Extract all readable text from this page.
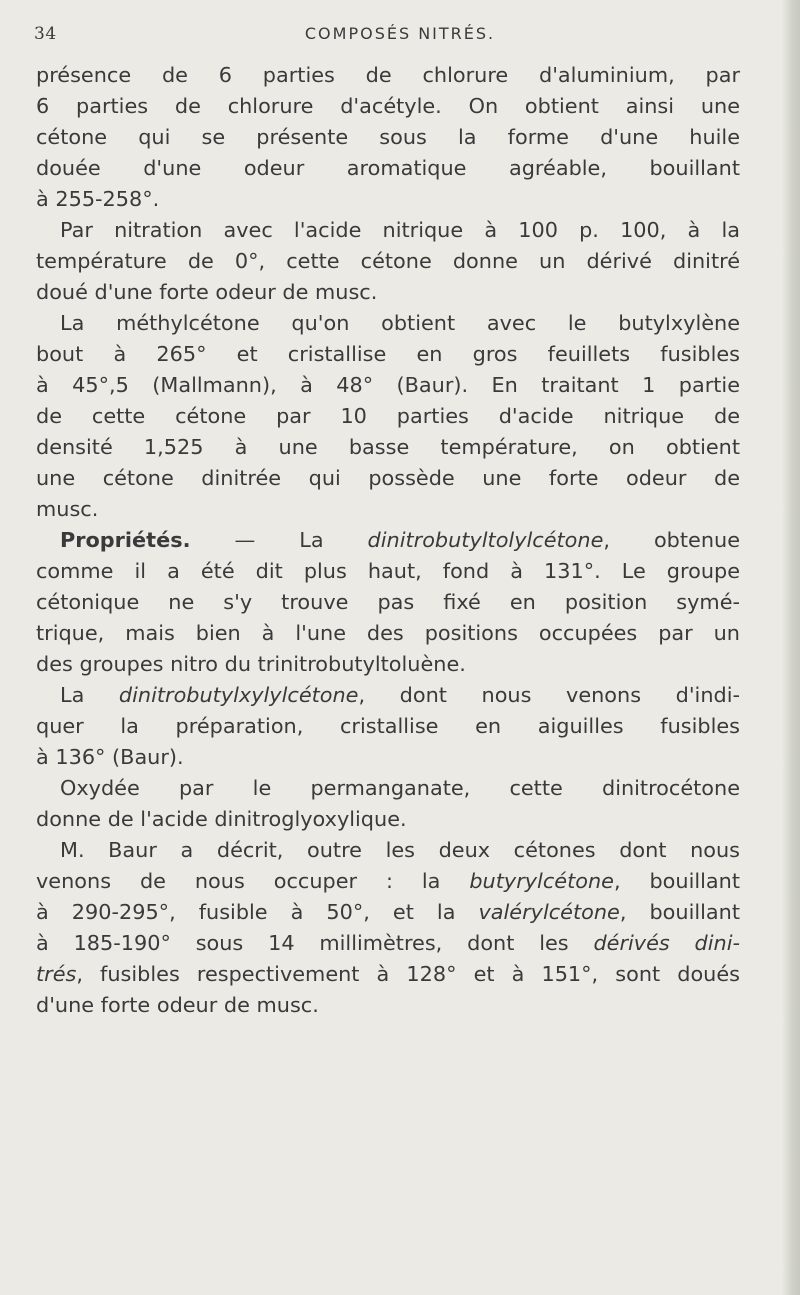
34	COMPOSÉS NITRÉS.
présence de 6 parties de chlorure d'aluminium, par
6 parties de chlorure d'acétyle. On obtient ainsi une
cétone qui se présente sous la forme d'une huile
douée d'une odeur aromatique agréable, bouillant
à 255-258°.
Par nitration avec l'acide nitrique à 100 p. 100, à la
température de 0°, cette cétone donne un dérivé dinitré
doué d'une forte odeur de musc.
La méthylcétone qu'on obtient avec le butylxylène
bout à 265° et cristallise en gros feuillets fusibles
à 45°,5 (Mallmann), à 48° (Baur). En traitant 1 partie
de cette cétone par 10 parties d'acide nitrique de
densité 1,525 à une basse température, on obtient
une cétone dinitrée qui possède une forte odeur de
musc.
Propriétés. — La dinitrobutyltolylcétone, obtenue
comme il a été dit plus haut, fond à 131°. Le groupe
cétonique ne s'y trouve pas fixé en position symé-
trique, mais bien à l'une des positions occupées par un
des groupes nitro du trinitrobutyltoluène.
La dinitrobutylxylylcétone, dont nous venons d'indi-
quer la préparation, cristallise en aiguilles fusibles
à 136° (Baur).
Oxydée par le permanganate, cette dinitrocétone
donne de l'acide dinitroglyoxylique.
M. Baur a décrit, outre les deux cétones dont nous
venons de nous occuper : la butyrylcétone, bouillant
à 290-295°, fusible à 50°, et la valérylcétone, bouillant
à 185-190° sous 14 millimètres, dont les dérivés dini-
trés, fusibles respectivement à 128° et à 151°, sont doués
d'une forte odeur de musc.
